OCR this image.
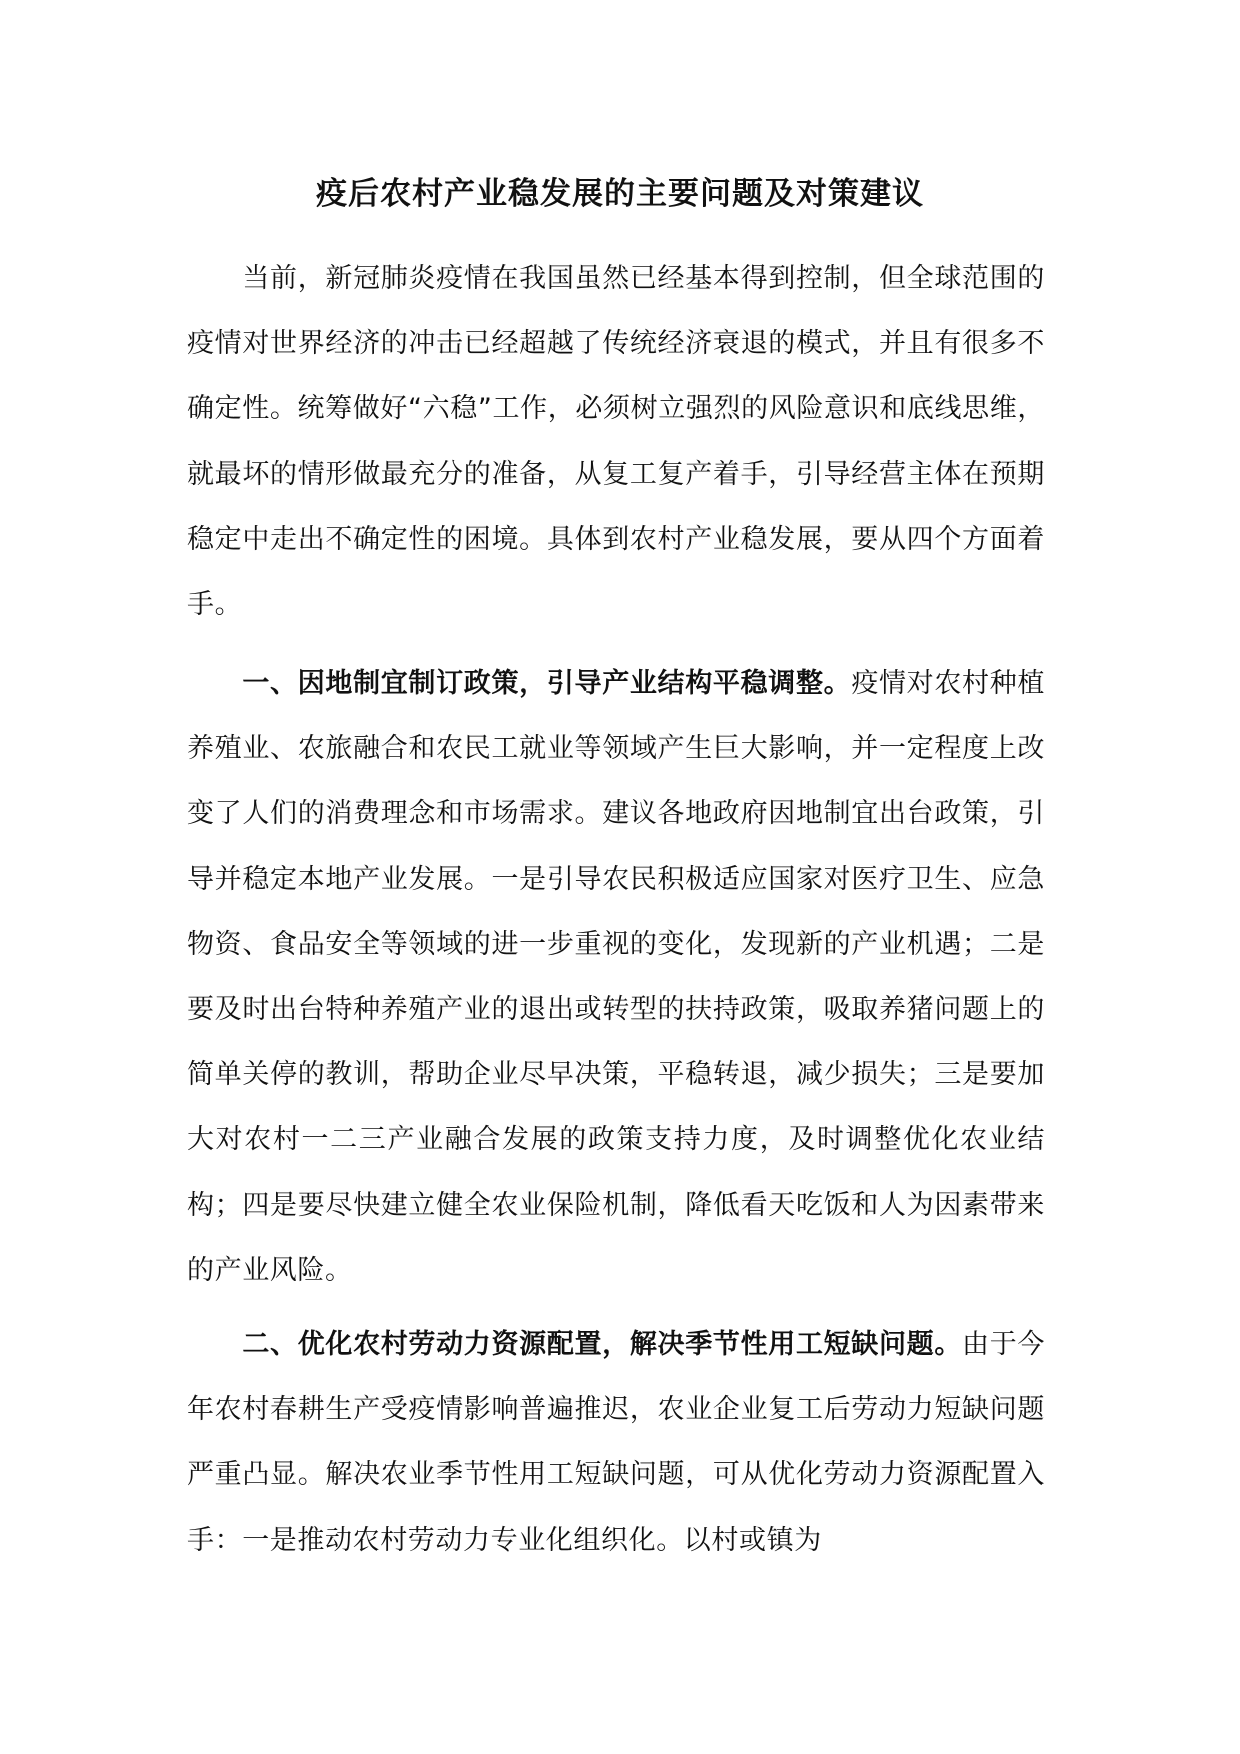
疫后农村产业稳发展的主要问题及对策建议

当前，新冠肺炎疫情在我国虽然已经基本得到控制，但全球范围的疫情对世界经济的冲击已经超越了传统经济衰退的模式，并且有很多不确定性。统筹做好“六稳”工作，必须树立强烈的风险意识和底线思维，就最坏的情形做最充分的准备，从复工复产着手，引导经营主体在预期稳定中走出不确定性的困境。具体到农村产业稳发展，要从四个方面着手。

一、因地制宜制订政策，引导产业结构平稳调整。疫情对农村种植养殖业、农旅融合和农民工就业等领域产生巨大影响，并一定程度上改变了人们的消费理念和市场需求。建议各地政府因地制宜出台政策，引导并稳定本地产业发展。一是引导农民积极适应国家对医疗卫生、应急物资、食品安全等领域的进一步重视的变化，发现新的产业机遇；二是要及时出台特种养殖产业的退出或转型的扶持政策，吸取养猪问题上的简单关停的教训，帮助企业尽早决策，平稳转退，减少损失；三是要加大对农村一二三产业融合发展的政策支持力度，及时调整优化农业结构；四是要尽快建立健全农业保险机制，降低看天吃饭和人为因素带来的产业风险。

二、优化农村劳动力资源配置，解决季节性用工短缺问题。由于今年农村春耕生产受疫情影响普遍推迟，农业企业复工后劳动力短缺问题严重凸显。解决农业季节性用工短缺问题，可从优化劳动力资源配置入手：一是推动农村劳动力专业化组织化。以村或镇为
